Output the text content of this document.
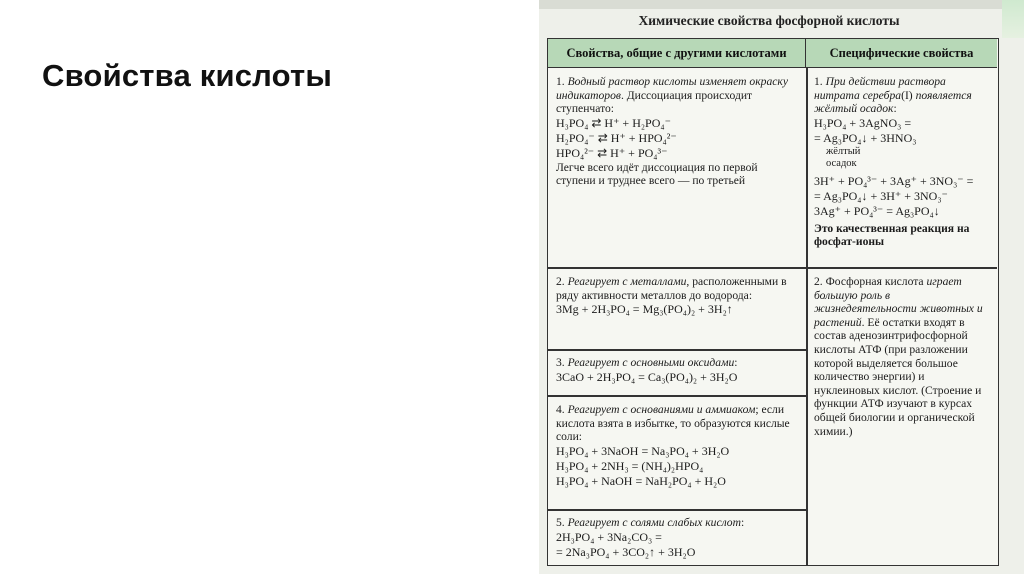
Свойства кислоты
Химические свойства фосфорной кислоты
Свойства, общие с другими кислотами	Специфические свойства

1. Водный раствор кислоты изменяет окраску индикаторов. Диссоциация происходит ступенчато:

H₃PO₄ ⇄ H⁺ + H₂PO₄⁻
H₂PO₄⁻ ⇄ H⁺ + HPO₄²⁻
HPO₄²⁻ ⇄ H⁺ + PO₄³⁻

Легче всего идёт диссоциация по первой ступени и труднее всего — по третьей

2. Реагирует с металлами, расположенными в ряду активности металлов до водорода:

3Mg + 2H₃PO₄ = Mg₃(PO₄)₂ + 3H₂↑

3. Реагирует с основными оксидами:

3CaO + 2H₃PO₄ = Ca₃(PO₄)₂ + 3H₂O

4. Реагирует с основаниями и аммиаком; если кислота взята в избытке, то образуются кислые соли:

H₃PO₄ + 3NaOH = Na₃PO₄ + 3H₂O
H₃PO₄ + 2NH₃ = (NH₄)₂HPO₄
H₃PO₄ + NaOH = NaH₂PO₄ + H₂O

5. Реагирует с солями слабых кислот:

2H₃PO₄ + 3Na₂CO₃ =
= 2Na₃PO₄ + 3CO₂↑ + 3H₂O

1. При действии раствора нитрата серебра(I) появляется жёлтый осадок:

H₃PO₄ + 3AgNO₃ =
= Ag₃PO₄↓ + 3HNO₃
жёлтый
осадок
3H⁺ + PO₄³⁻ + 3Ag⁺ + 3NO₃⁻ =
= Ag₃PO₄↓ + 3H⁺ + 3NO₃⁻
3Ag⁺ + PO₄³⁻ = Ag₃PO₄↓

Это качественная реакция на фосфат-ионы

2. Фосфорная кислота играет большую роль в жизнедеятельности животных и растений. Её остатки входят в состав аденозинтрифосфорной кислоты АТФ (при разложении которой выделяется большое количество энергии) и нуклеиновых кислот. (Строение и функции АТФ изучают в курсах общей биологии и органической химии.)
